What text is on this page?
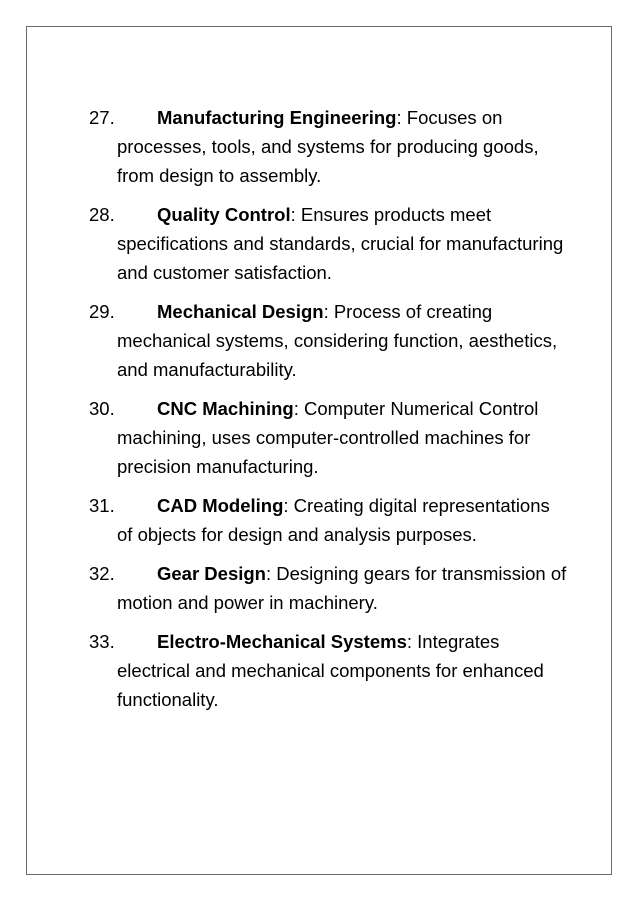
27.	Manufacturing Engineering: Focuses on processes, tools, and systems for producing goods, from design to assembly.
28.	Quality Control: Ensures products meet specifications and standards, crucial for manufacturing and customer satisfaction.
29.	Mechanical Design: Process of creating mechanical systems, considering function, aesthetics, and manufacturability.
30.	CNC Machining: Computer Numerical Control machining, uses computer-controlled machines for precision manufacturing.
31.	CAD Modeling: Creating digital representations of objects for design and analysis purposes.
32.	Gear Design: Designing gears for transmission of motion and power in machinery.
33.	Electro-Mechanical Systems: Integrates electrical and mechanical components for enhanced functionality.
